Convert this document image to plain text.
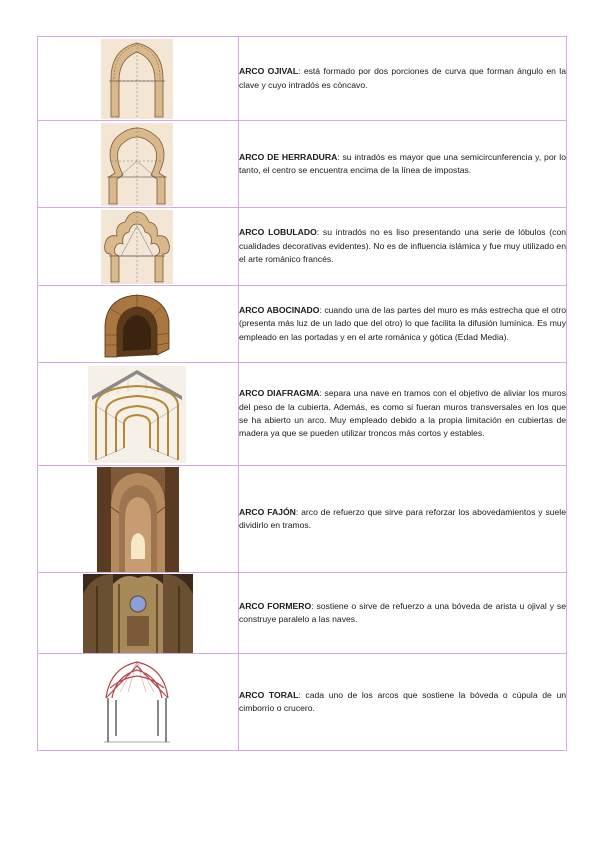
ARCO OJIVAL: está formado por dos porciones de curva que forman ángulo en la clave y cuyo intradós es cóncavo.

ARCO DE HERRADURA: su intradós es mayor que una semicircunferencia y, por lo tanto, el centro se encuentra encima de la línea de impostas.

ARCO LOBULADO: su intradós no es liso presentando una serie de lóbulos (con cualidades decorativas evidentes). No es de influencia islámica y fue muy utilizado en el arte románico francés.

ARCO ABOCINADO: cuando una de las partes del muro es más estrecha que el otro (presenta más luz de un lado que del otro) lo que facilita la difusión lumínica. Es muy empleado en las portadas y en el arte románica y gótica (Edad Media).

ARCO DIAFRAGMA: separa una nave en tramos con el objetivo de aliviar los muros del peso de la cubierta. Además, es como si fueran muros transversales en los que se ha abierto un arco. Muy empleado debido a la propia limitación en cubiertas de madera ya que se pueden utilizar troncos más cortos y estables.

ARCO FAJÓN: arco de refuerzo que sirve para reforzar los abovedamientos y suele dividirlo en tramos.

ARCO FORMERO: sostiene o sirve de refuerzo a una bóveda de arista u ojival y se construye paralelo a las naves.

ARCO TORAL: cada uno de los arcos que sostiene la bóveda o cúpula de un cimborrio o crucero.
